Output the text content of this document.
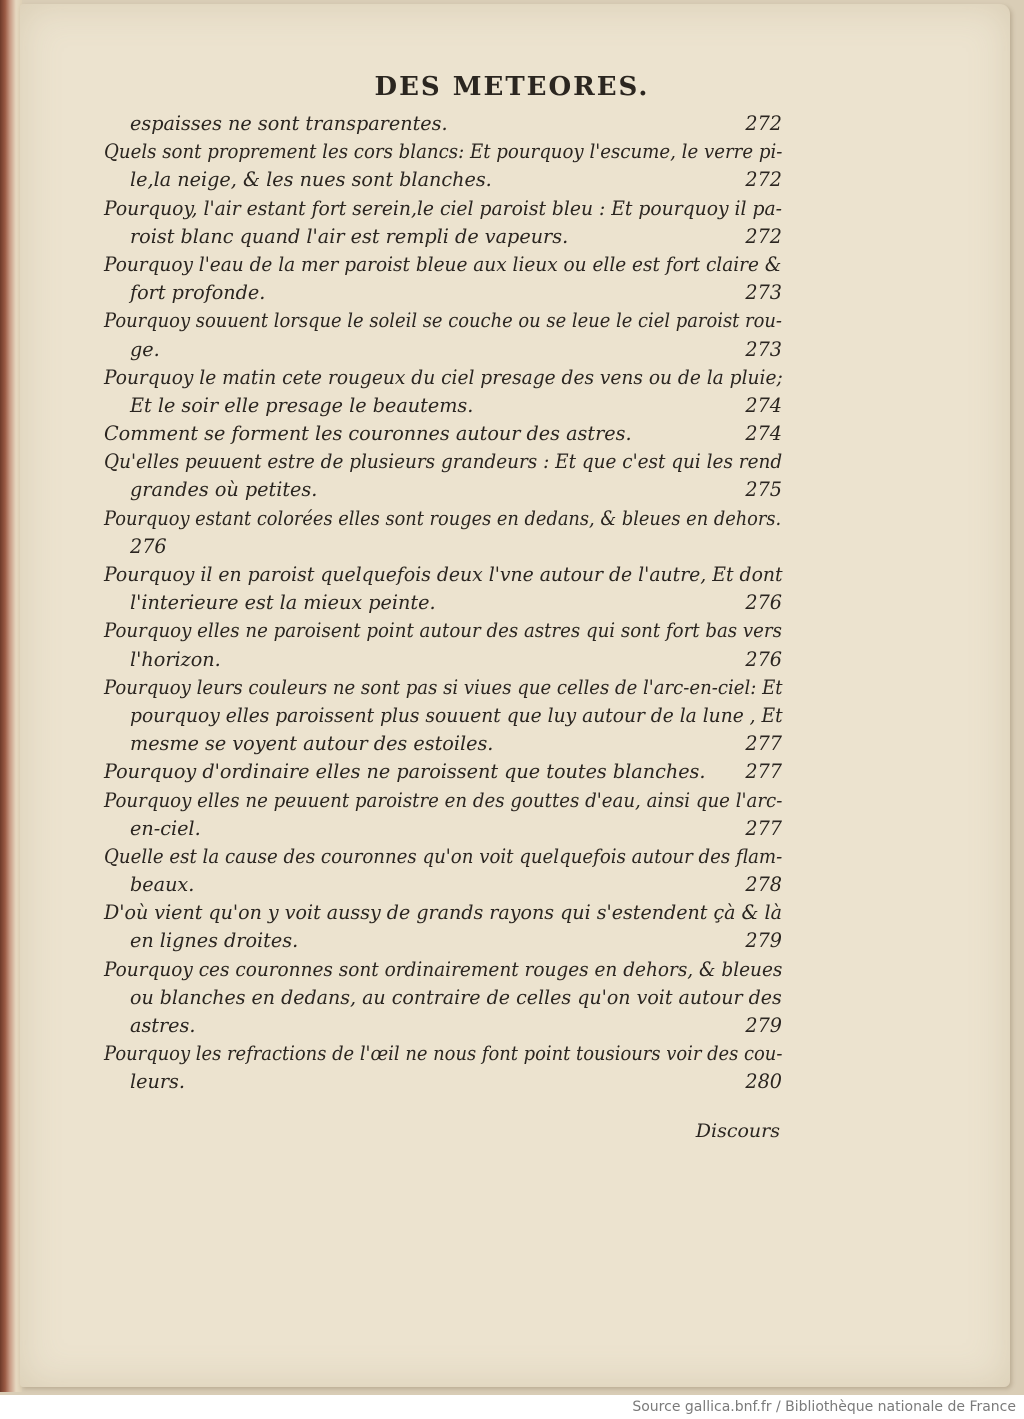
DES METEORES.
espaisses ne sont transparentes.	272
Quels sont proprement les cors blancs: Et pourquoy l'escume, le verre pi-
le,la neige, & les nues sont blanches.	272
Pourquoy, l'air estant fort serein,le ciel paroist bleu : Et pourquoy il pa-
roist blanc quand l'air est rempli de vapeurs.	272
Pourquoy l'eau de la mer paroist bleue aux lieux ou elle est fort claire &
fort profonde.	273
Pourquoy souuent lorsque le soleil se couche ou se leue le ciel paroist rou-
ge.	273
Pourquoy le matin cete rougeux du ciel presage des vens ou de la pluie;
Et le soir elle presage le beautems.	274
Comment se forment les couronnes autour des astres.	274
Qu'elles peuuent estre de plusieurs grandeurs : Et que c'est qui les rend
grandes où petites.	275
Pourquoy estant colorées elles sont rouges en dedans, & bleues en dehors.
276
Pourquoy il en paroist quelquefois deux l'vne autour de l'autre, Et dont
l'interieure est la mieux peinte.	276
Pourquoy elles ne paroisent point autour des astres qui sont fort bas vers
l'horizon.	276
Pourquoy leurs couleurs ne sont pas si viues que celles de l'arc-en-ciel: Et
pourquoy elles paroissent plus souuent que luy autour de la lune , Et
mesme se voyent autour des estoiles.	277
Pourquoy d'ordinaire elles ne paroissent que toutes blanches. 277
Pourquoy elles ne peuuent paroistre en des gouttes d'eau, ainsi que l'arc-
en-ciel.	277
Quelle est la cause des couronnes qu'on voit quelquefois autour des flam-
beaux.	278
D'où vient qu'on y voit aussy de grands rayons qui s'estendent çà & là
en lignes droites.	279
Pourquoy ces couronnes sont ordinairement rouges en dehors, & bleues
ou blanches en dedans, au contraire de celles qu'on voit autour des
astres.	279
Pourquoy les refractions de l'œil ne nous font point tousiours voir des cou-
leurs.	280
Discours
Source gallica.bnf.fr / Bibliothèque nationale de France
